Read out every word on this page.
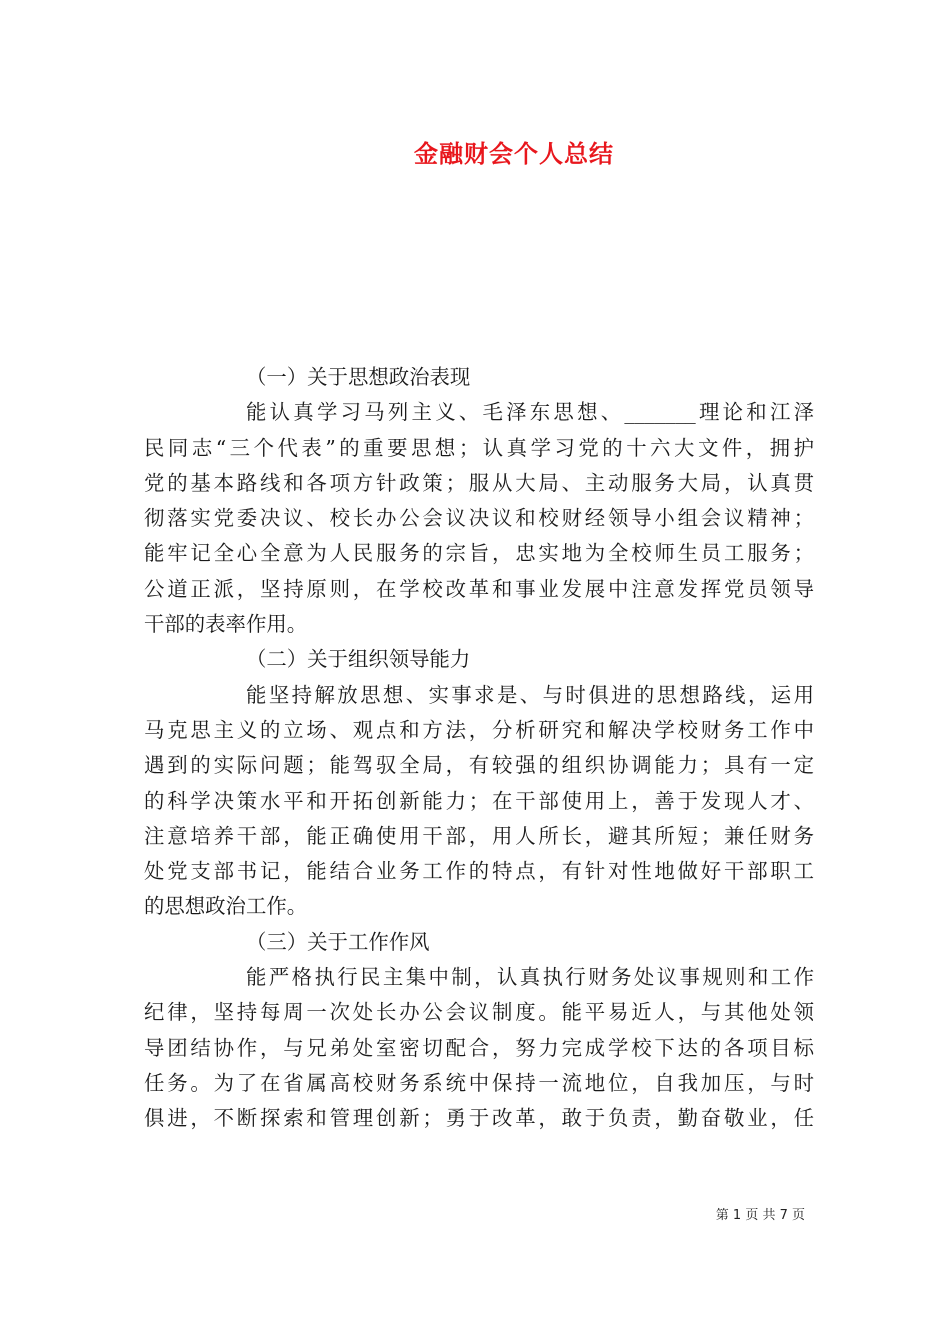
金融财会个人总结
（一）关于思想政治表现
能认真学习马列主义、毛泽东思想、_______理论和江泽
民同志“三个代表”的重要思想；认真学习党的十六大文件，拥护
党的基本路线和各项方针政策；服从大局、主动服务大局，认真贯
彻落实党委决议、校长办公会议决议和校财经领导小组会议精神；
能牢记全心全意为人民服务的宗旨，忠实地为全校师生员工服务；
公道正派，坚持原则，在学校改革和事业发展中注意发挥党员领导
干部的表率作用。
（二）关于组织领导能力
能坚持解放思想、实事求是、与时俱进的思想路线，运用
马克思主义的立场、观点和方法，分析研究和解决学校财务工作中
遇到的实际问题；能驾驭全局，有较强的组织协调能力；具有一定
的科学决策水平和开拓创新能力；在干部使用上，善于发现人才、
注意培养干部，能正确使用干部，用人所长，避其所短；兼任财务
处党支部书记，能结合业务工作的特点，有针对性地做好干部职工
的思想政治工作。
（三）关于工作作风
能严格执行民主集中制，认真执行财务处议事规则和工作
纪律，坚持每周一次处长办公会议制度。能平易近人，与其他处领
导团结协作，与兄弟处室密切配合，努力完成学校下达的各项目标
任务。为了在省属高校财务系统中保持一流地位，自我加压，与时
俱进，不断探索和管理创新；勇于改革，敢于负责，勤奋敬业，任
第 1 页 共 7 页
